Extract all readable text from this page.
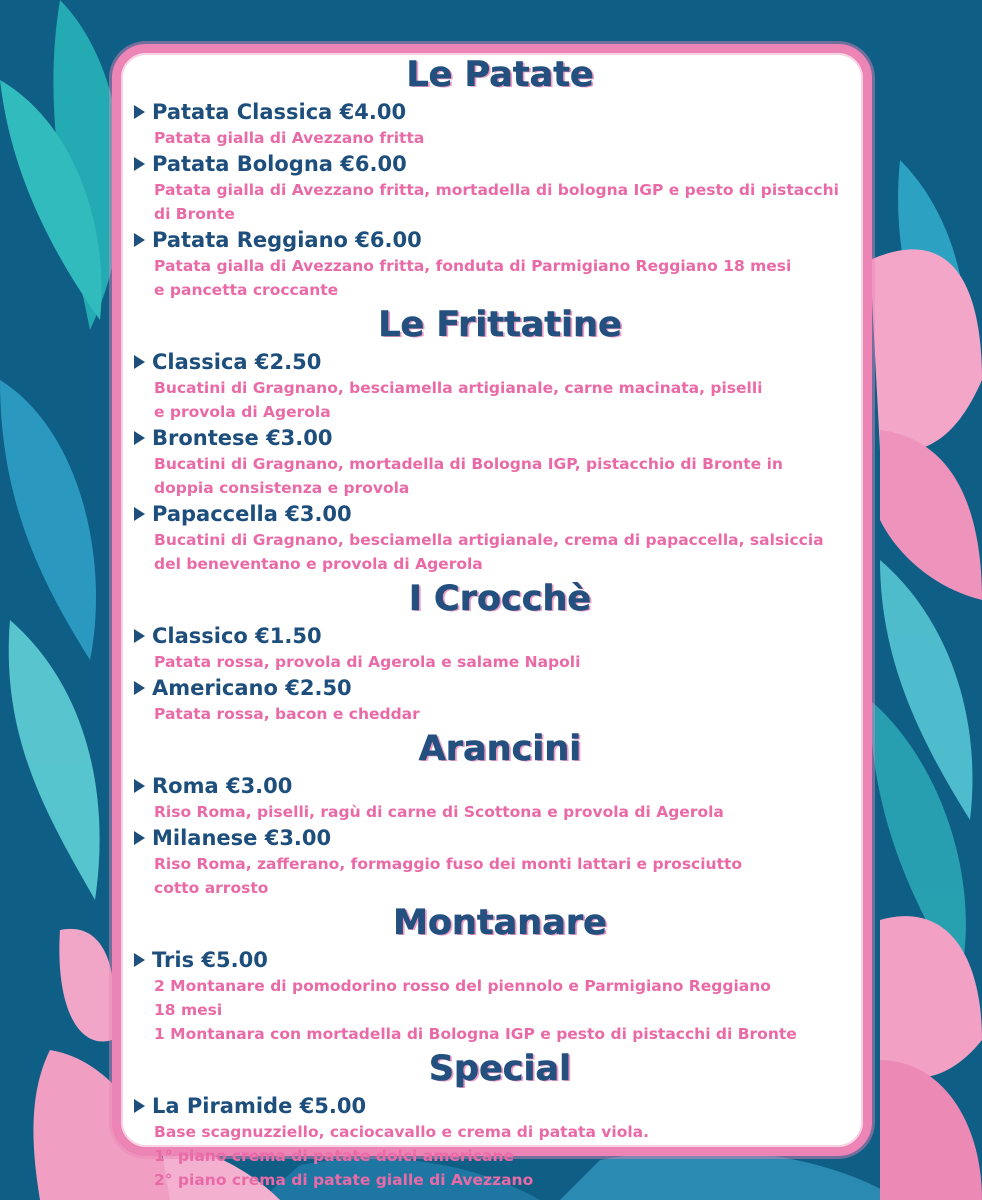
Le Patate
Patata Classica €4.00

Patata gialla di Avezzano fritta

Patata Bologna €6.00

Patata gialla di Avezzano fritta, mortadella di bologna IGP e pesto di pistacchi

di Bronte

Patata Reggiano €6.00

Patata gialla di Avezzano fritta, fonduta di Parmigiano Reggiano 18 mesi

e pancetta croccante

Le Frittatine
Classica €2.50

Bucatini di Gragnano, besciamella artigianale, carne macinata, piselli

e provola di Agerola

Brontese €3.00

Bucatini di Gragnano, mortadella di Bologna IGP, pistacchio di Bronte in

doppia consistenza e provola

Papaccella €3.00

Bucatini di Gragnano, besciamella artigianale, crema di papaccella, salsiccia

del beneventano e provola di Agerola

I Crocchè
Classico €1.50

Patata rossa, provola di Agerola e salame Napoli

Americano €2.50

Patata rossa, bacon e cheddar

Arancini
Roma €3.00

Riso Roma, piselli, ragù di carne di Scottona e provola di Agerola

Milanese €3.00

Riso Roma, zafferano, formaggio fuso dei monti lattari e prosciutto

cotto arrosto

Montanare
Tris €5.00

2 Montanare di pomodorino rosso del piennolo e Parmigiano Reggiano

18 mesi

1 Montanara con mortadella di Bologna IGP e pesto di pistacchi di Bronte

Special
La Piramide €5.00

Base scagnuzziello, caciocavallo e crema di patata viola.

1° piano crema di patate dolci americane

2° piano crema di patate gialle di Avezzano
